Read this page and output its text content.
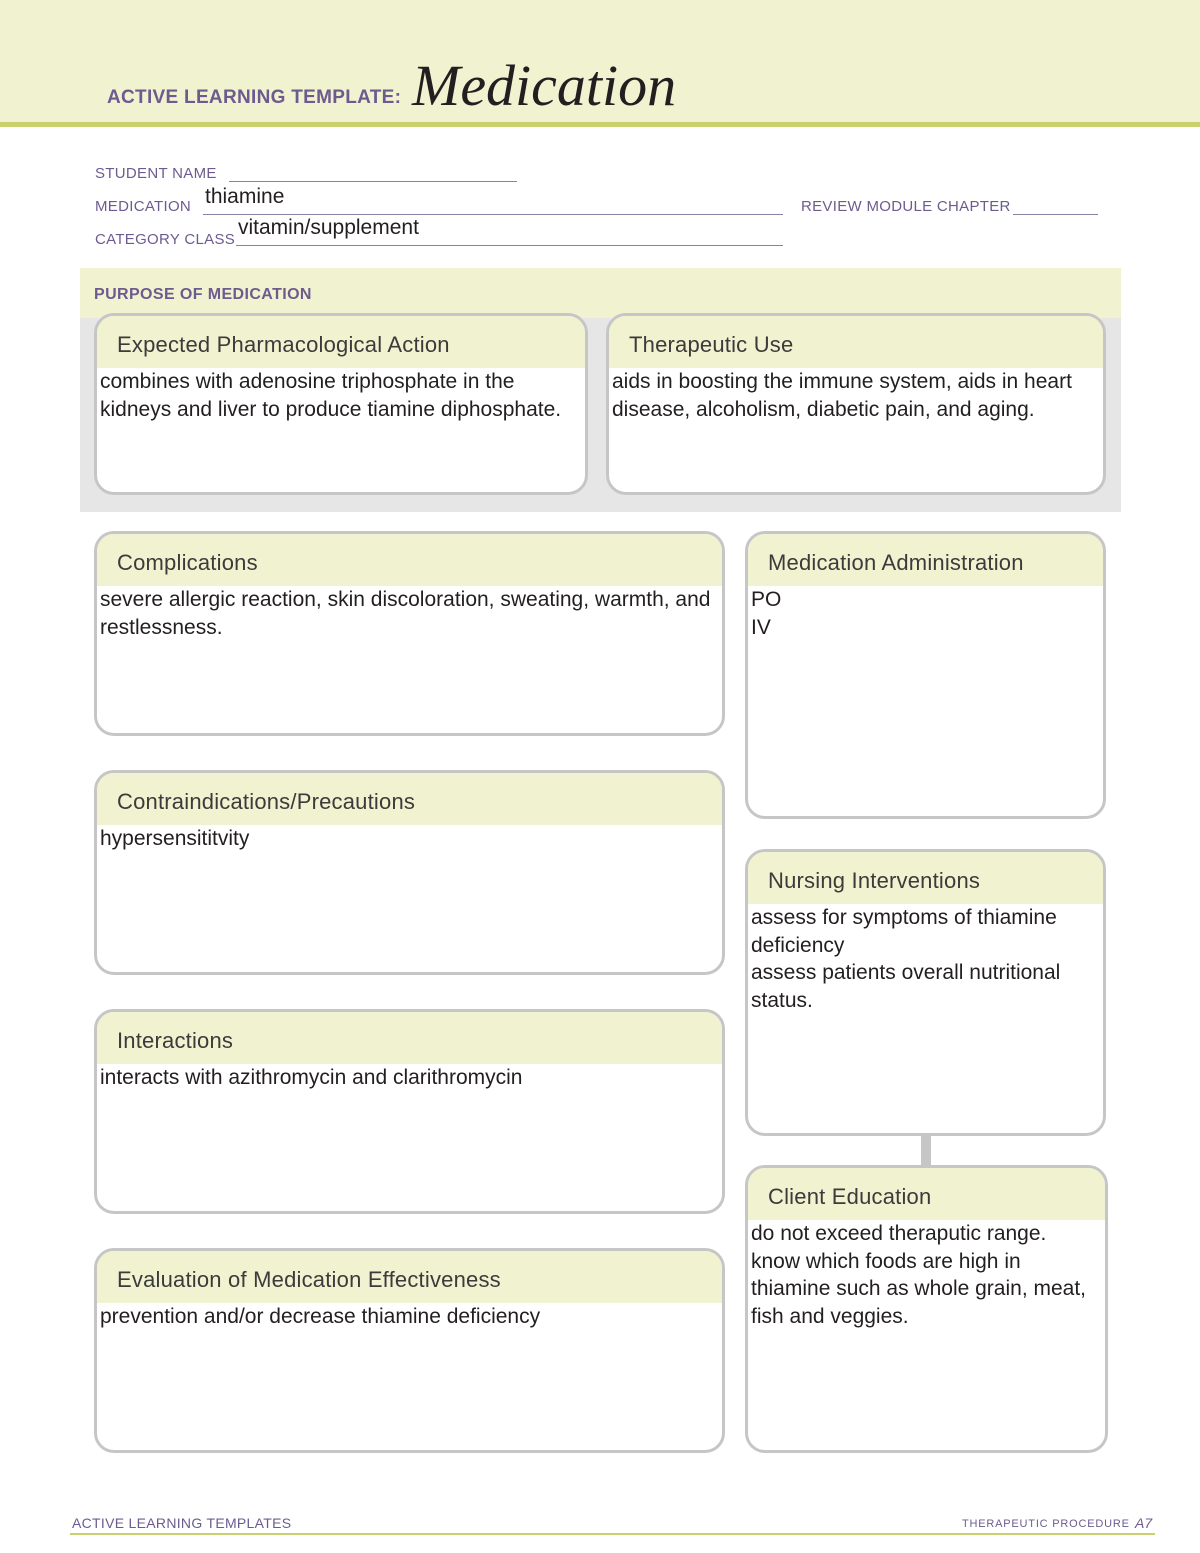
ACTIVE LEARNING TEMPLATE: Medication
STUDENT NAME
MEDICATION thiamine	REVIEW MODULE CHAPTER
CATEGORY CLASS
vitamin/supplement
PURPOSE OF MEDICATION
Expected Pharmacological Action
combines with adenosine triphosphate in the kidneys and liver to produce tiamine diphosphate.
Therapeutic Use
aids in boosting the immune system, aids in heart disease, alcoholism, diabetic pain, and aging.
Complications
severe allergic reaction, skin discoloration, sweating, warmth, and restlessness.
Contraindications/Precautions
hypersensititvity
Interactions
interacts with azithromycin and clarithromycin
Evaluation of Medication Effectiveness
prevention and/or decrease thiamine deficiency
Medication Administration
PO
IV
Nursing Interventions
assess for symptoms of thiamine deficiency
assess patients overall nutritional status.
Client Education
do not exceed theraputic range. know which foods are high in thiamine such as whole grain, meat, fish and veggies.
ACTIVE LEARNING TEMPLATES	THERAPEUTIC PROCEDURE A7
